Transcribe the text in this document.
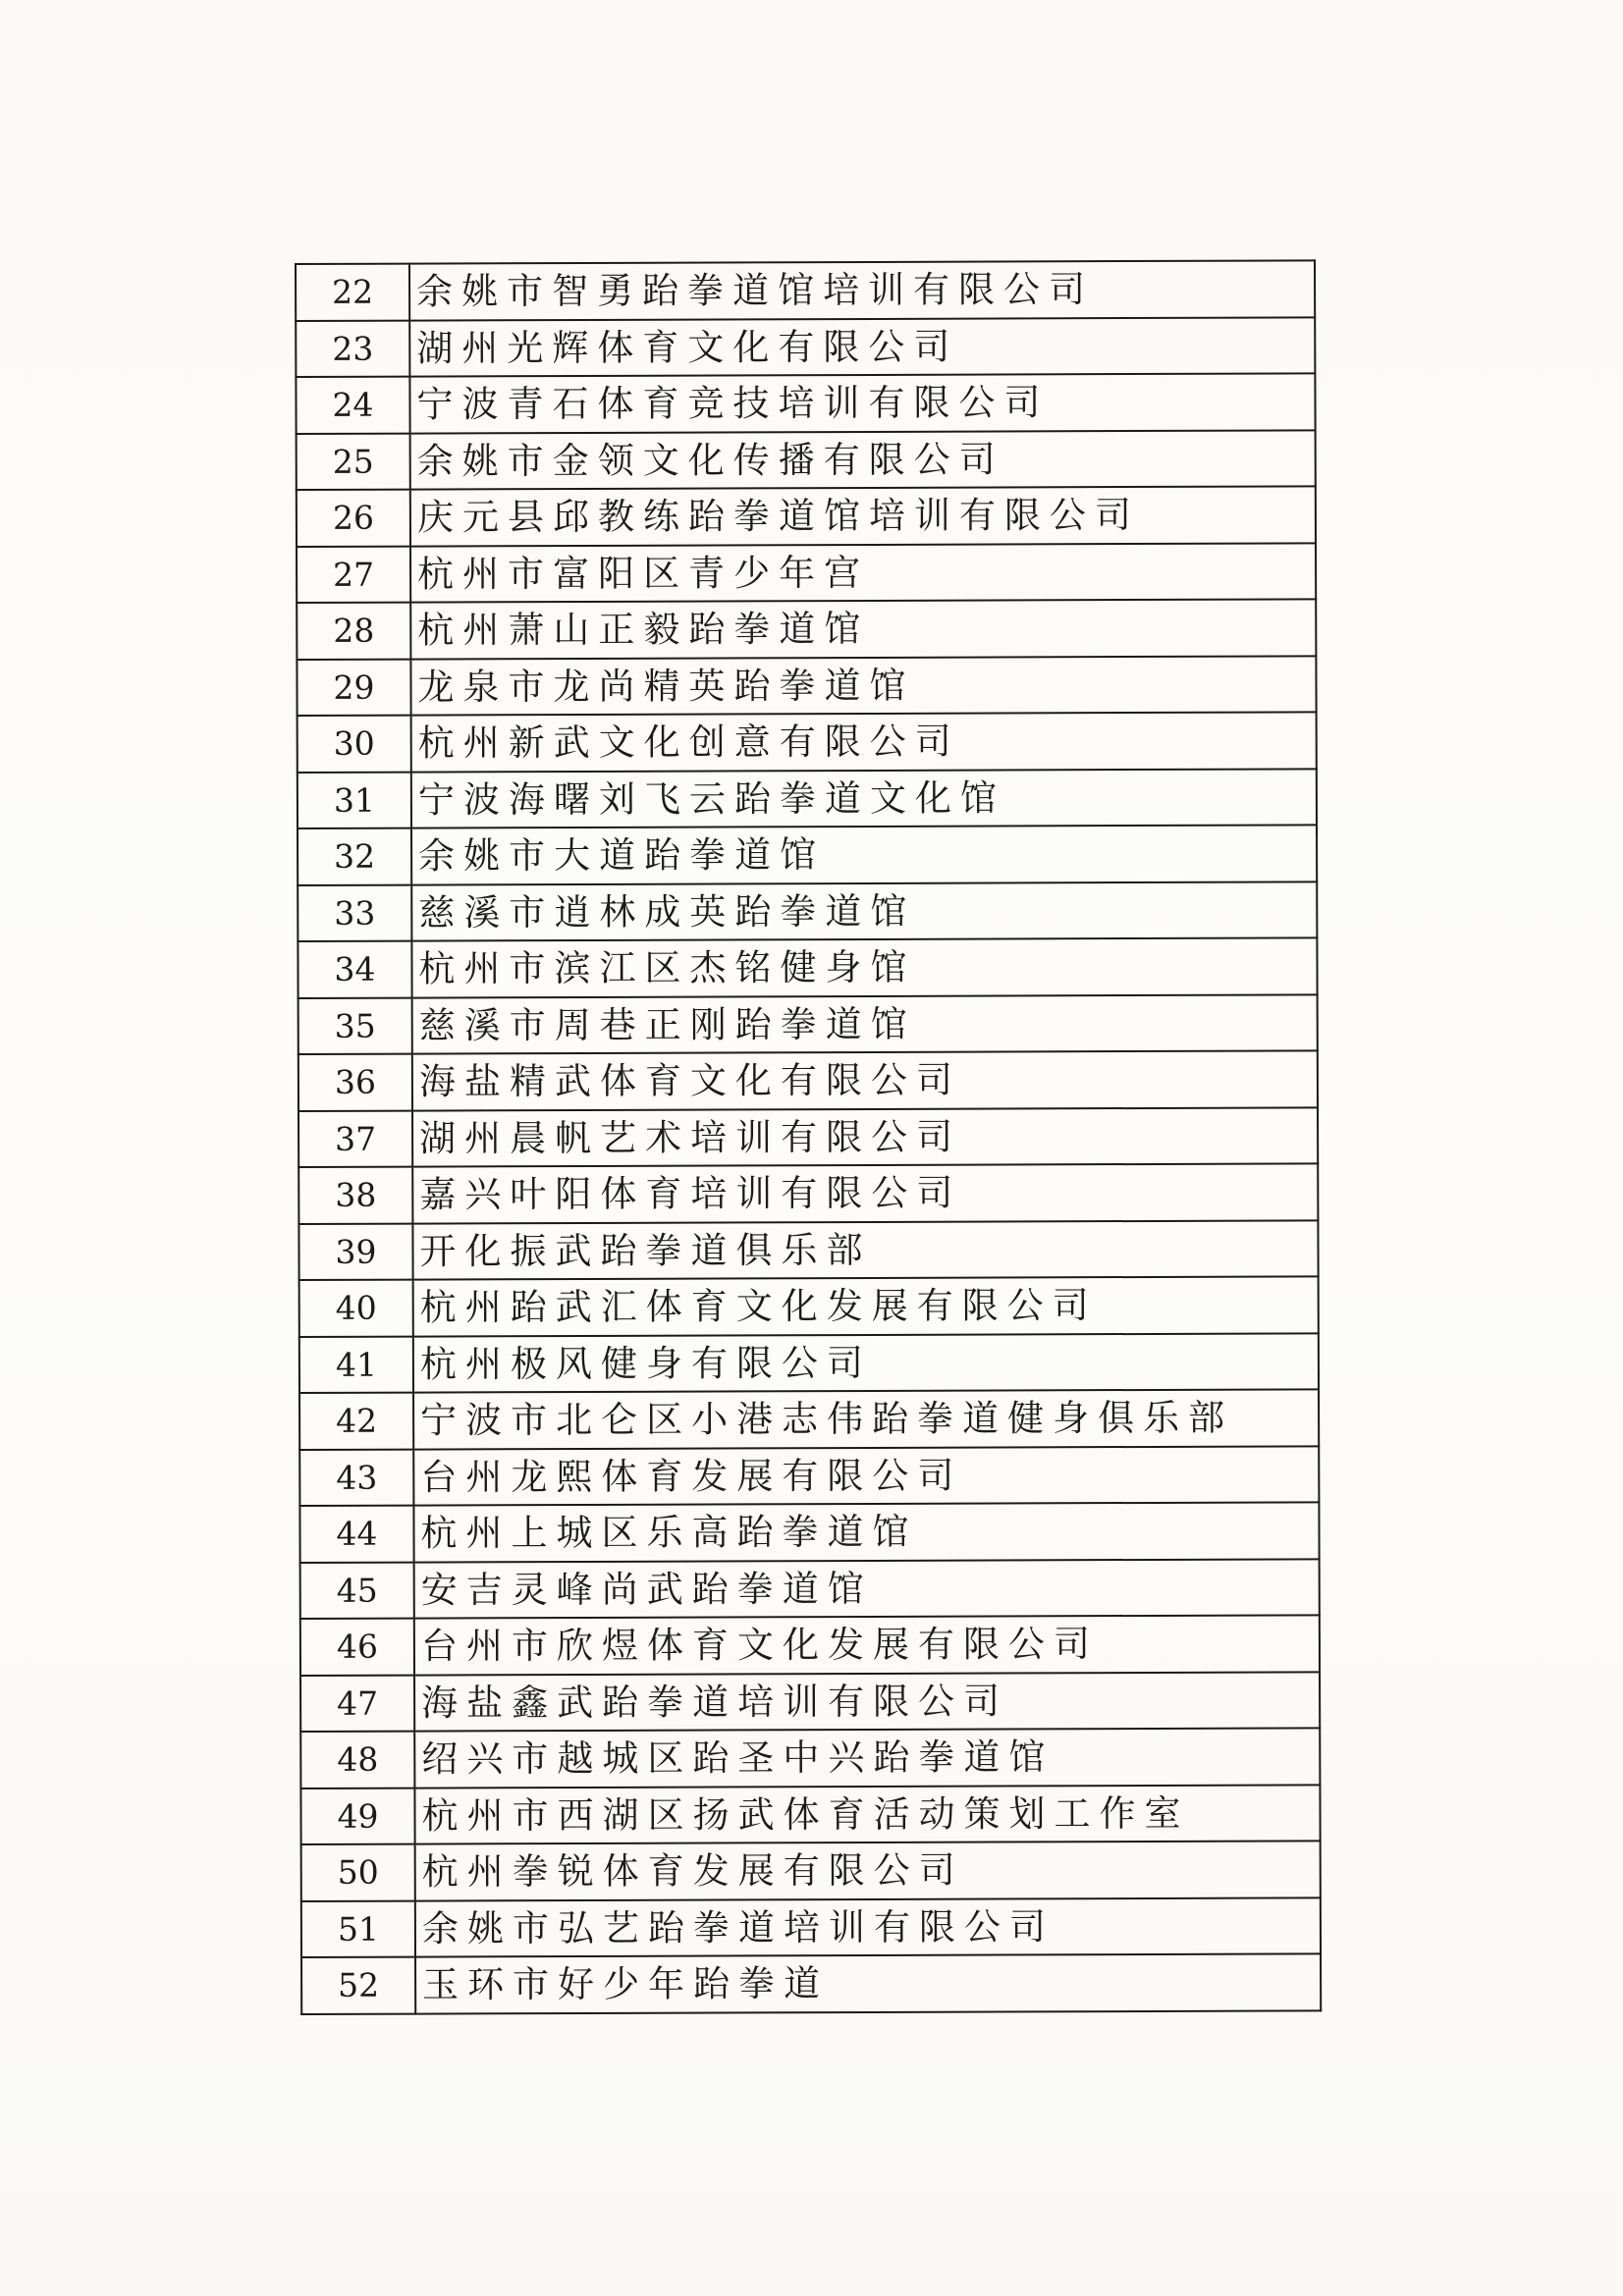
22	余姚市智勇跆拳道馆培训有限公司
23	湖州光辉体育文化有限公司
24	宁波青石体育竞技培训有限公司
25	余姚市金领文化传播有限公司
26	庆元县邱教练跆拳道馆培训有限公司
27	杭州市富阳区青少年宫
28	杭州萧山正毅跆拳道馆
29	龙泉市龙尚精英跆拳道馆
30	杭州新武文化创意有限公司
31	宁波海曙刘飞云跆拳道文化馆
32	余姚市大道跆拳道馆
33	慈溪市逍林成英跆拳道馆
34	杭州市滨江区杰铭健身馆
35	慈溪市周巷正刚跆拳道馆
36	海盐精武体育文化有限公司
37	湖州晨帆艺术培训有限公司
38	嘉兴叶阳体育培训有限公司
39	开化振武跆拳道俱乐部
40	杭州跆武汇体育文化发展有限公司
41	杭州极风健身有限公司
42	宁波市北仑区小港志伟跆拳道健身俱乐部
43	台州龙熙体育发展有限公司
44	杭州上城区乐高跆拳道馆
45	安吉灵峰尚武跆拳道馆
46	台州市欣煜体育文化发展有限公司
47	海盐鑫武跆拳道培训有限公司
48	绍兴市越城区跆圣中兴跆拳道馆
49	杭州市西湖区扬武体育活动策划工作室
50	杭州拳锐体育发展有限公司
51	余姚市弘艺跆拳道培训有限公司
52	玉环市好少年跆拳道
